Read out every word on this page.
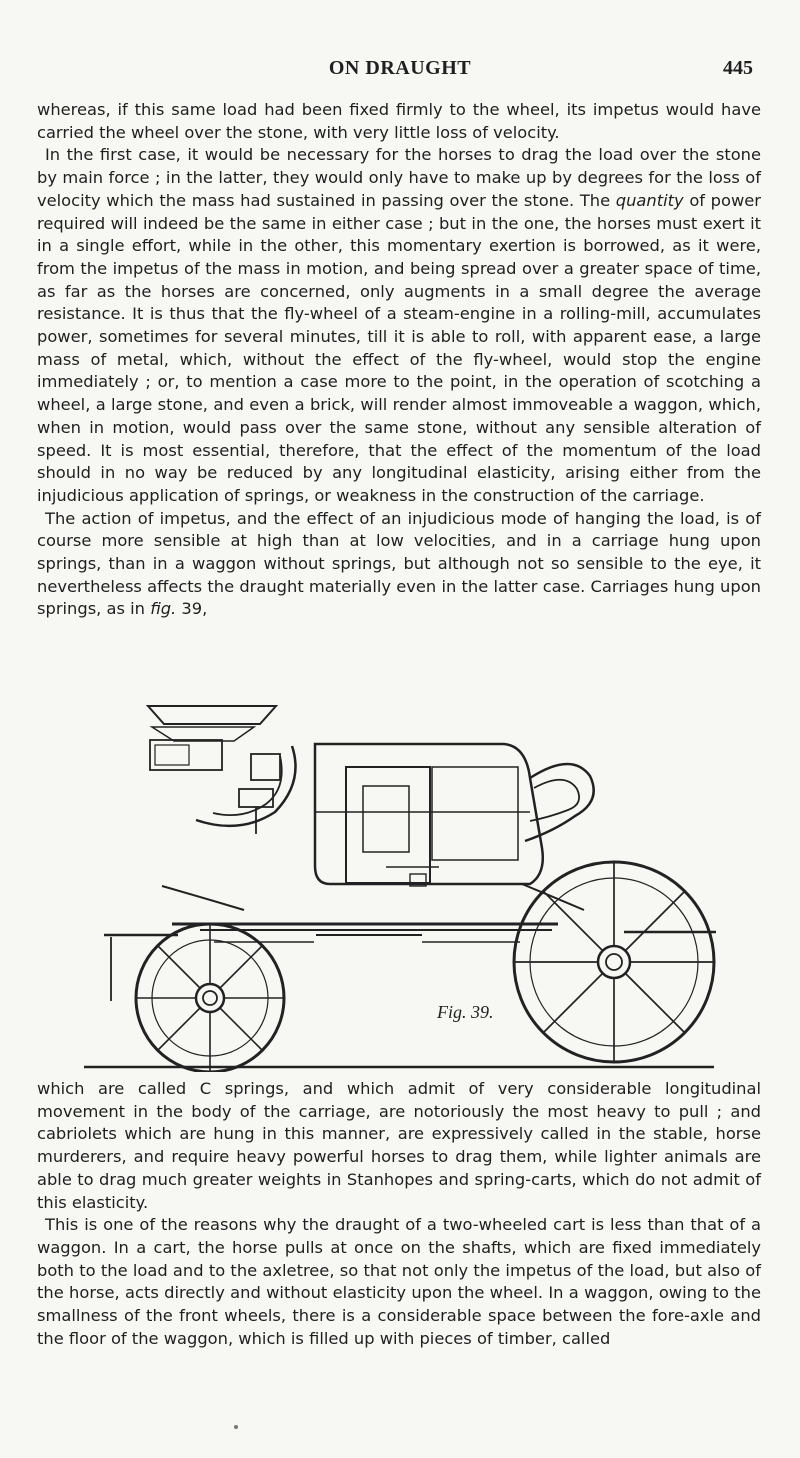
ON DRAUGHT	445

whereas, if this same load had been fixed firmly to the wheel, its impetus would have carried the wheel over the stone, with very little loss of velocity.

In the first case, it would be necessary for the horses to drag the load over the stone by main force ; in the latter, they would only have to make up by degrees for the loss of velocity which the mass had sustained in passing over the stone. The quantity of power required will indeed be the same in either case ; but in the one, the horses must exert it in a single effort, while in the other, this momentary exertion is borrowed, as it were, from the impetus of the mass in motion, and being spread over a greater space of time, as far as the horses are concerned, only augments in a small degree the average resistance. It is thus that the fly-wheel of a steam-engine in a rolling-mill, accumulates power, sometimes for several minutes, till it is able to roll, with apparent ease, a large mass of metal, which, without the effect of the fly-wheel, would stop the engine immediately ; or, to mention a case more to the point, in the operation of scotching a wheel, a large stone, and even a brick, will render almost immoveable a waggon, which, when in motion, would pass over the same stone, without any sensible alteration of speed. It is most essential, therefore, that the effect of the momentum of the load should in no way be reduced by any longitudinal elasticity, arising either from the injudicious application of springs, or weakness in the construction of the carriage.

The action of impetus, and the effect of an injudicious mode of hanging the load, is of course more sensible at high than at low velocities, and in a carriage hung upon springs, than in a waggon without springs, but although not so sensible to the eye, it nevertheless affects the draught materially even in the latter case. Carriages hung upon springs, as in fig. 39,

Fig. 39.

which are called C springs, and which admit of very considerable longitudinal movement in the body of the carriage, are notoriously the most heavy to pull ; and cabriolets which are hung in this manner, are expressively called in the stable, horse murderers, and require heavy powerful horses to drag them, while lighter animals are able to drag much greater weights in Stanhopes and spring-carts, which do not admit of this elasticity.

This is one of the reasons why the draught of a two-wheeled cart is less than that of a waggon. In a cart, the horse pulls at once on the shafts, which are fixed immediately both to the load and to the axletree, so that not only the impetus of the load, but also of the horse, acts directly and without elasticity upon the wheel. In a waggon, owing to the smallness of the front wheels, there is a considerable space between the fore-axle and the floor of the waggon, which is filled up with pieces of timber, called
